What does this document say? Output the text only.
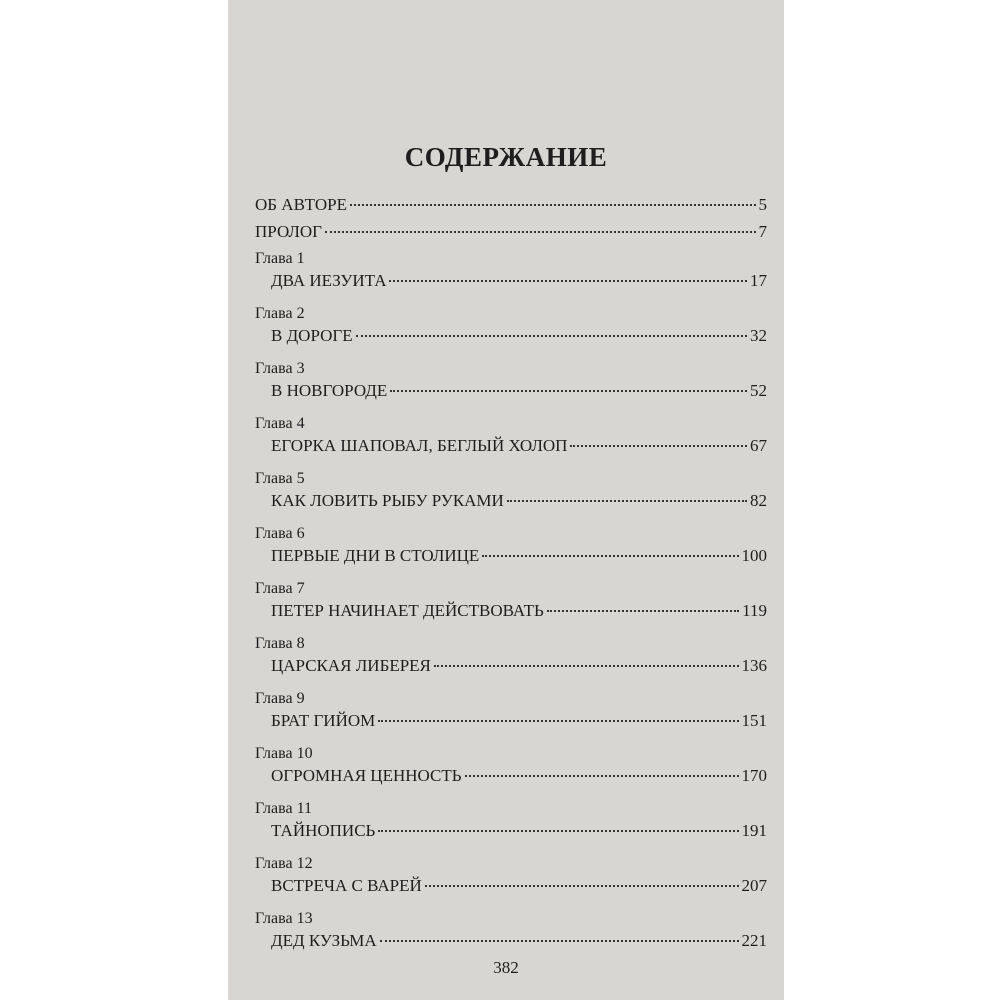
СОДЕРЖАНИЕ
ОБ АВТОРЕ	5
ПРОЛОГ	7
Глава 1
ДВА ИЕЗУИТА	17
Глава 2
В ДОРОГЕ	32
Глава 3
В НОВГОРОДЕ	52
Глава 4
ЕГОРКА ШАПОВАЛ, БЕГЛЫЙ ХОЛОП	67
Глава 5
КАК ЛОВИТЬ РЫБУ РУКАМИ	82
Глава 6
ПЕРВЫЕ ДНИ В СТОЛИЦЕ	100
Глава 7
ПЕТЕР НАЧИНАЕТ ДЕЙСТВОВАТЬ	119
Глава 8
ЦАРСКАЯ ЛИБЕРЕЯ	136
Глава 9
БРАТ ГИЙОМ	151
Глава 10
ОГРОМНАЯ ЦЕННОСТЬ	170
Глава 11
ТАЙНОПИСЬ	191
Глава 12
ВСТРЕЧА С ВАРЕЙ	207
Глава 13
ДЕД КУЗЬМА	221
382
